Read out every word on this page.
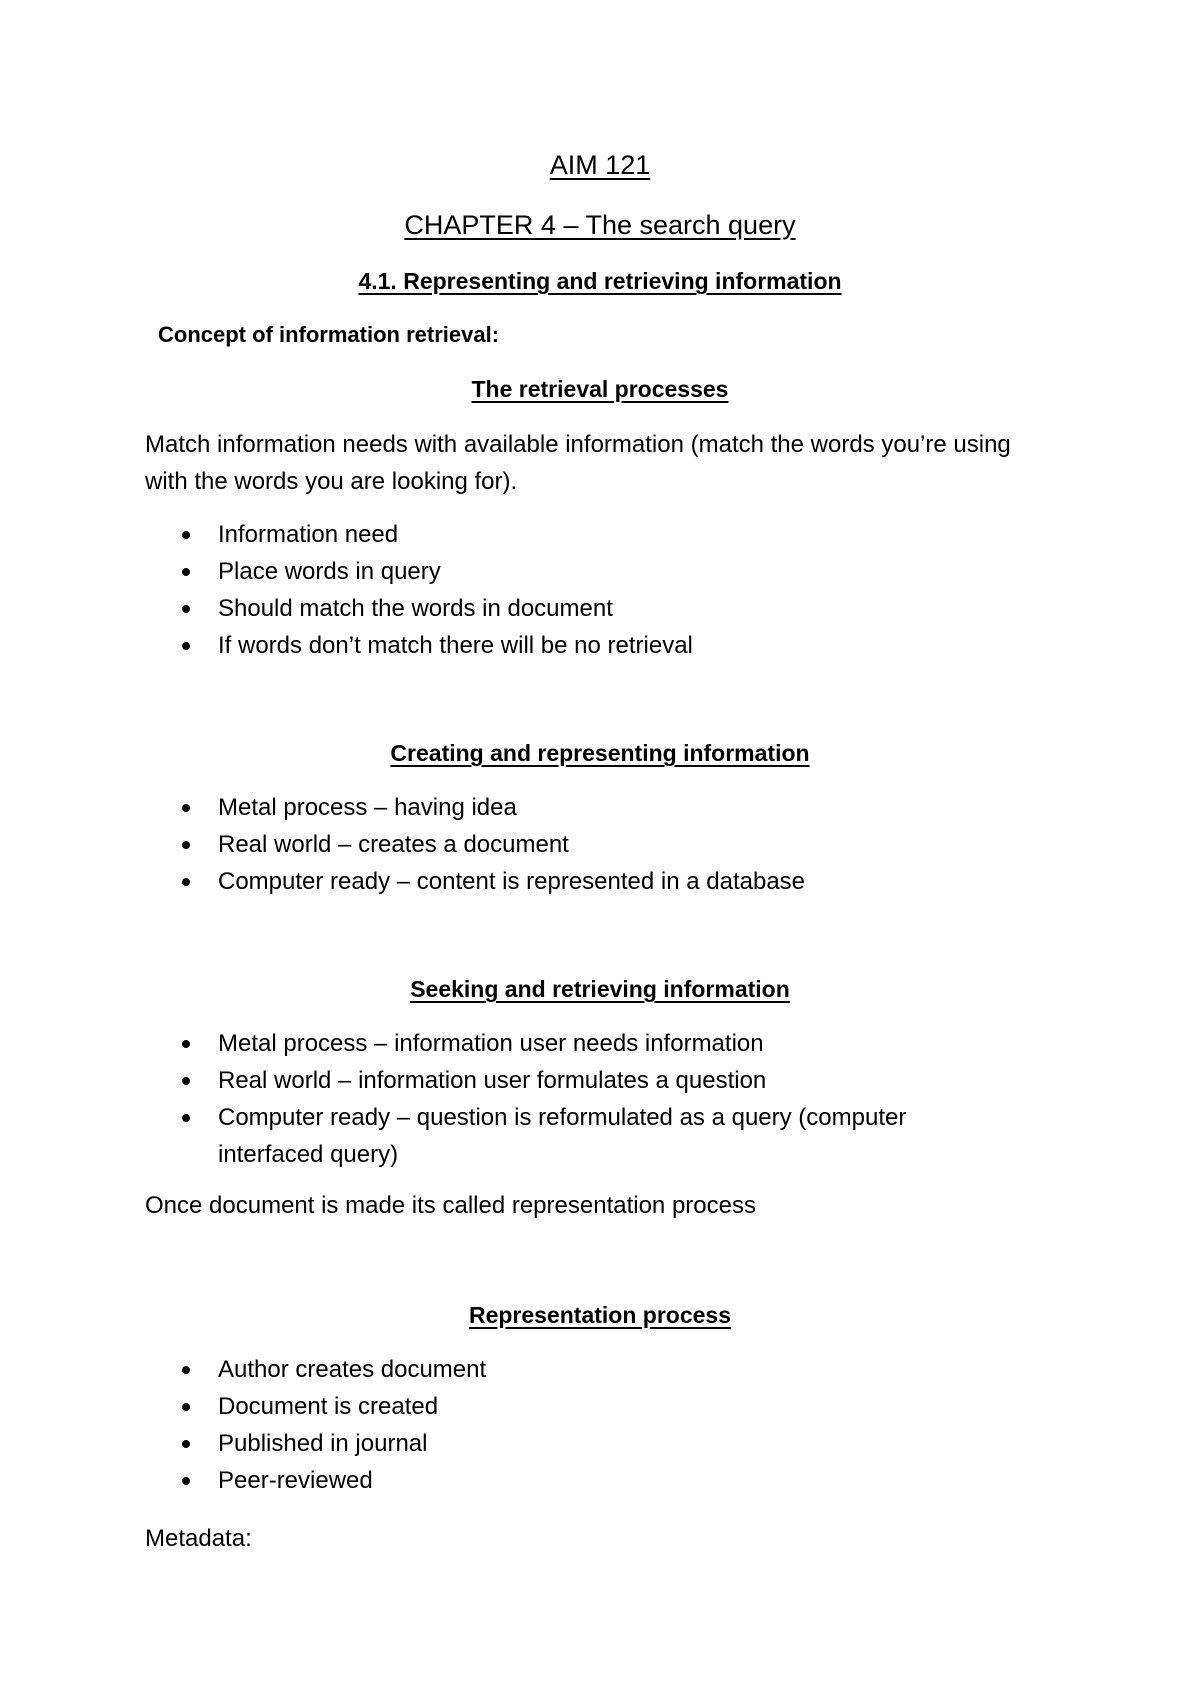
AIM 121
CHAPTER 4 – The search query
4.1. Representing and retrieving information
Concept of information retrieval:
The retrieval processes
Match information needs with available information (match the words you’re using with the words you are looking for).
Information need
Place words in query
Should match the words in document
If words don’t match there will be no retrieval
Creating and representing information
Metal process – having idea
Real world – creates a document
Computer ready – content is represented in a database
Seeking and retrieving information
Metal process – information user needs information
Real world – information user formulates a question
Computer ready – question is reformulated as a query (computer interfaced query)
Once document is made its called representation process
Representation process
Author creates document
Document is created
Published in journal
Peer-reviewed
Metadata:
